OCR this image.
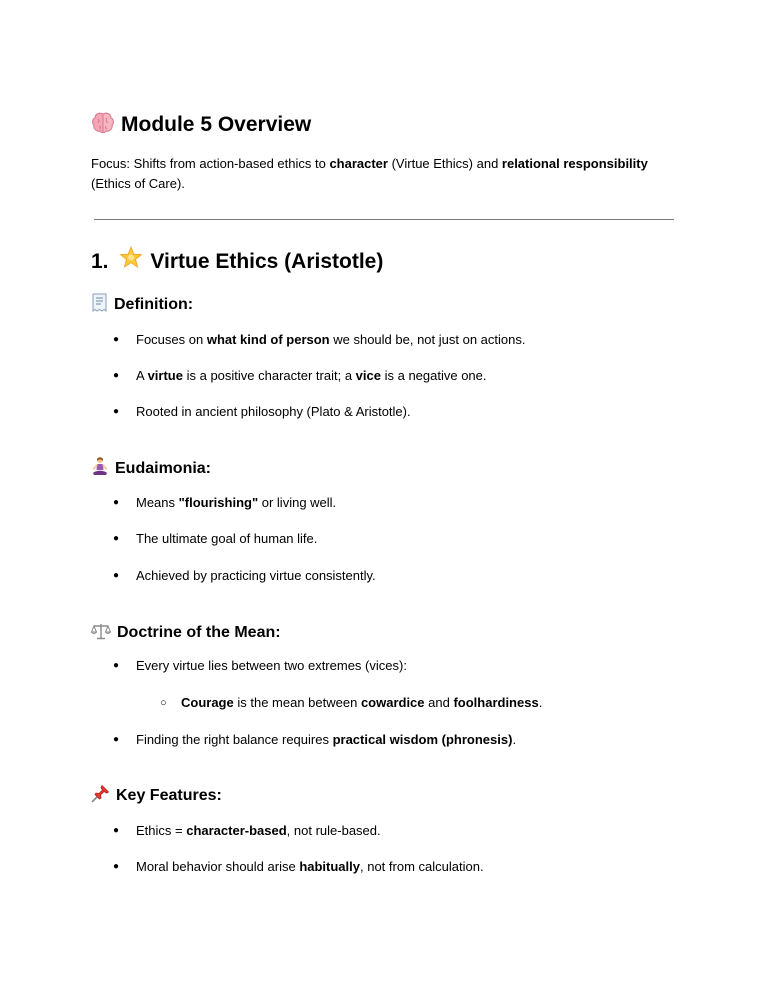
Module 5 Overview

Focus: Shifts from action-based ethics to character (Virtue Ethics) and relational responsibility (Ethics of Care).

1. Virtue Ethics (Aristotle)
Definition:

● Focuses on what kind of person we should be, not just on actions.

● A virtue is a positive character trait; a vice is a negative one.

● Rooted in ancient philosophy (Plato & Aristotle).

Eudaimonia:

● Means "flourishing" or living well.

● The ultimate goal of human life.

● Achieved by practicing virtue consistently.

Doctrine of the Mean:

● Every virtue lies between two extremes (vices):

○ Courage is the mean between cowardice and foolhardiness.

● Finding the right balance requires practical wisdom (phronesis).

Key Features:

● Ethics = character-based, not rule-based.

● Moral behavior should arise habitually, not from calculation.
